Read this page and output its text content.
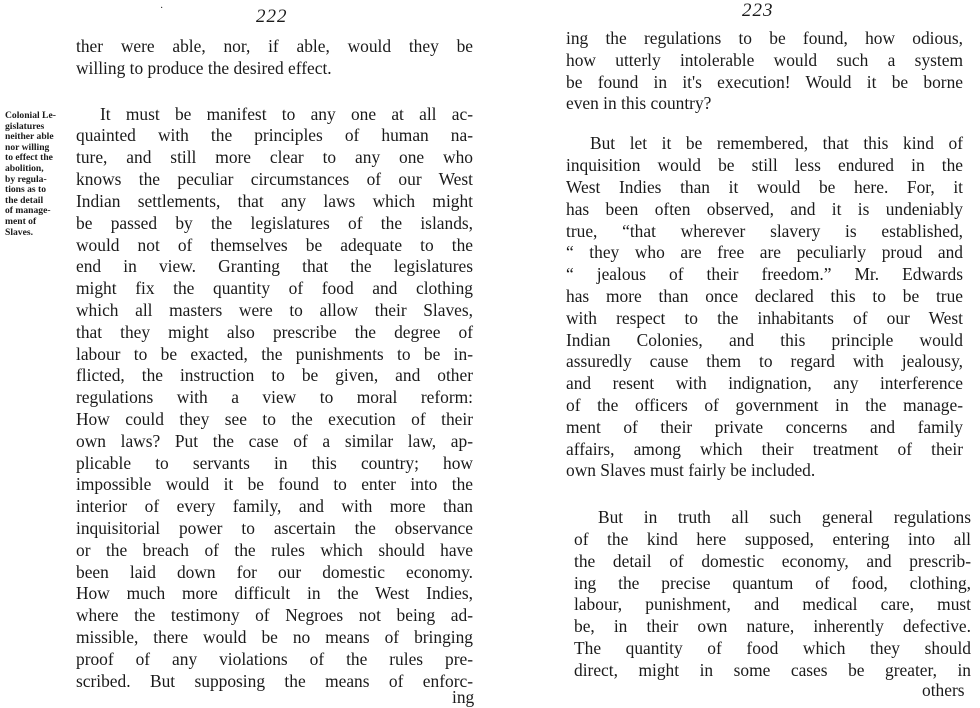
·	222
ther were able, nor, if able, would they be
willing to produce the desired effect.
Colonial Le-
gislatures
neither able
nor willing
to effect the
abolition,
by regula-
tions as to
the detail
of manage-
ment of
Slaves.
It must be manifest to any one at all ac-
quainted with the principles of human na-
ture, and still more clear to any one who
knows the peculiar circumstances of our West
Indian settlements, that any laws which might
be passed by the legislatures of the islands,
would not of themselves be adequate to the
end in view. Granting that the legislatures
might fix the quantity of food and clothing
which all masters were to allow their Slaves,
that they might also prescribe the degree of
labour to be exacted, the punishments to be in-
flicted, the instruction to be given, and other
regulations with a view to moral reform:
How could they see to the execution of their
own laws? Put the case of a similar law, ap-
plicable to servants in this country; how
impossible would it be found to enter into the
interior of every family, and with more than
inquisitorial power to ascertain the observance
or the breach of the rules which should have
been laid down for our domestic economy.
How much more difficult in the West Indies,
where the testimony of Negroes not being ad-
missible, there would be no means of bringing
proof of any violations of the rules pre-
scribed. But supposing the means of enforc-
ing
223
ing the regulations to be found, how odious,
how utterly intolerable would such a system
be found in it's execution! Would it be borne
even in this country?
But let it be remembered, that this kind of
inquisition would be still less endured in the
West Indies than it would be here. For, it
has been often observed, and it is undeniably
true, “that wherever slavery is established,
“ they who are free are peculiarly proud and
“ jealous of their freedom.” Mr. Edwards
has more than once declared this to be true
with respect to the inhabitants of our West
Indian Colonies, and this principle would
assuredly cause them to regard with jealousy,
and resent with indignation, any interference
of the officers of government in the manage-
ment of their private concerns and family
affairs, among which their treatment of their
own Slaves must fairly be included.
But in truth all such general regulations
of the kind here supposed, entering into all
the detail of domestic economy, and prescrib-
ing the precise quantum of food, clothing,
labour, punishment, and medical care, must
be, in their own nature, inherently defective.
The quantity of food which they should
direct, might in some cases be greater, in
others
